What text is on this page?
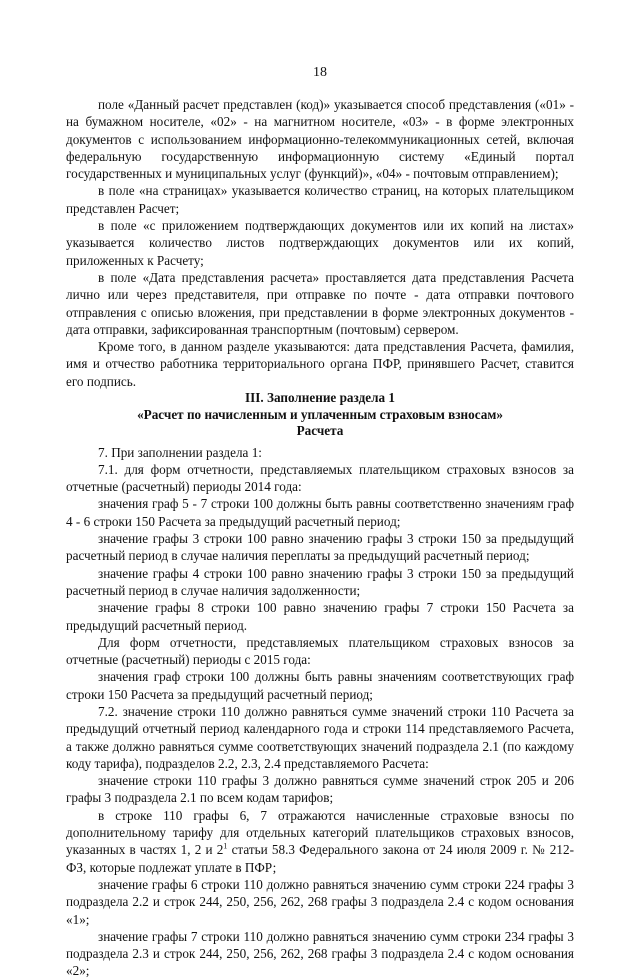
18

поле «Данный расчет представлен (код)» указывается способ представления («01» - на бумажном носителе, «02» - на магнитном носителе, «03» - в форме электронных документов с использованием информационно-телекоммуникационных сетей, включая федеральную государственную информационную систему «Единый портал государственных и муниципальных услуг (функций)», «04» - почтовым отправлением);

в поле «на страницах» указывается количество страниц, на которых плательщиком представлен Расчет;

в поле «с приложением подтверждающих документов или их копий на листах» указывается количество листов подтверждающих документов или их копий, приложенных к Расчету;

в поле «Дата представления расчета» проставляется дата представления Расчета лично или через представителя, при отправке по почте - дата отправки почтового отправления с описью вложения, при представлении в форме электронных документов - дата отправки, зафиксированная транспортным (почтовым) сервером.

Кроме того, в данном разделе указываются: дата представления Расчета, фамилия, имя и отчество работника территориального органа ПФР, принявшего Расчет, ставится его подпись.

III. Заполнение раздела 1

«Расчет по начисленным и уплаченным страховым взносам»

Расчета

7. При заполнении раздела 1:

7.1. для форм отчетности, представляемых плательщиком страховых взносов за отчетные (расчетный) периоды 2014 года:

значения граф 5 - 7 строки 100 должны быть равны соответственно значениям граф 4 - 6 строки 150 Расчета за предыдущий расчетный период;

значение графы 3 строки 100 равно значению графы 3 строки 150 за предыдущий расчетный период в случае наличия переплаты за предыдущий расчетный период;

значение графы 4 строки 100 равно значению графы 3 строки 150 за предыдущий расчетный период в случае наличия задолженности;

значение графы 8 строки 100 равно значению графы 7 строки 150 Расчета за предыдущий расчетный период.

Для форм отчетности, представляемых плательщиком страховых взносов за отчетные (расчетный) периоды с 2015 года:

значения граф строки 100 должны быть равны значениям соответствующих граф строки 150 Расчета за предыдущий расчетный период;

7.2. значение строки 110 должно равняться сумме значений строки 110 Расчета за предыдущий отчетный период календарного года и строки 114 представляемого Расчета, а также должно равняться сумме соответствующих значений подраздела 2.1 (по каждому коду тарифа), подразделов 2.2, 2.3, 2.4 представляемого Расчета:

значение строки 110 графы 3 должно равняться сумме значений строк 205 и 206 графы 3 подраздела 2.1 по всем кодам тарифов;

в строке 110 графы 6, 7 отражаются начисленные страховые взносы по дополнительному тарифу для отдельных категорий плательщиков страховых взносов, указанных в частях 1, 2 и $2^1$ статьи 58.3 Федерального закона от 24 июля 2009 г. № 212-ФЗ, которые подлежат уплате в ПФР;

значение графы 6 строки 110 должно равняться значению сумм строки 224 графы 3 подраздела 2.2 и строк 244, 250, 256, 262, 268 графы 3 подраздела 2.4 с кодом основания «1»;

значение графы 7 строки 110 должно равняться значению сумм строки 234 графы 3 подраздела 2.3 и строк 244, 250, 256, 262, 268 графы 3 подраздела 2.4 с кодом основания «2»;
